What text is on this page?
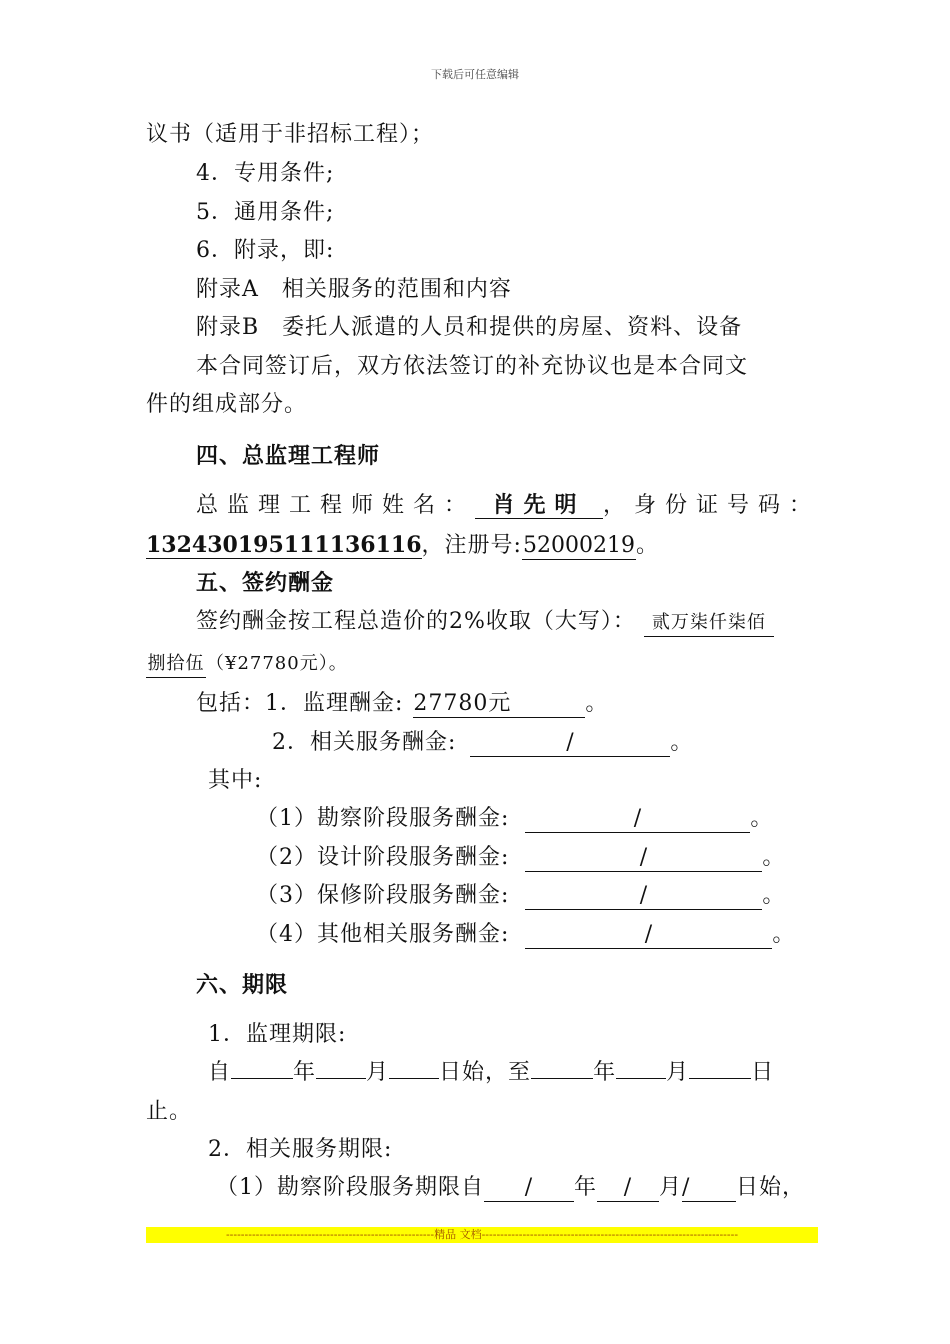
下载后可任意编辑
议书（适用于非招标工程）；
4．专用条件;
5．通用条件;
6．附录，即:
附录A　相关服务的范围和内容
附录B　委托人派遣的人员和提供的房屋、资料、设备
本合同签订后，双方依法签订的补充协议也是本合同文
件的组成部分。
四、总监理工程师
总监理工程师姓名： 肖先明 ，身份证号码：
132430195111136116，注册号:52000219。
五、签约酬金
签约酬金按工程总造价的2%收取（大写）： 贰万柒仟柒佰
捌拾伍（¥27780元）。
包括：1．监理酬金: 27780元	。
2．相关服务酬金:	/	。
其中:
（1）勘察阶段服务酬金:	/	。
（2）设计阶段服务酬金:	/	。
（3）保修阶段服务酬金:	/	。
（4）其他相关服务酬金:	/	。
六、期限
1．监理期限:
自	年 月 日始，至	年 月	日
止。
2．相关服务期限:
（1）勘察阶段服务期限自 / 年 / 月/ 日始，
--------------------------------------------------------精品 文档---------------------------------------------------------------------
